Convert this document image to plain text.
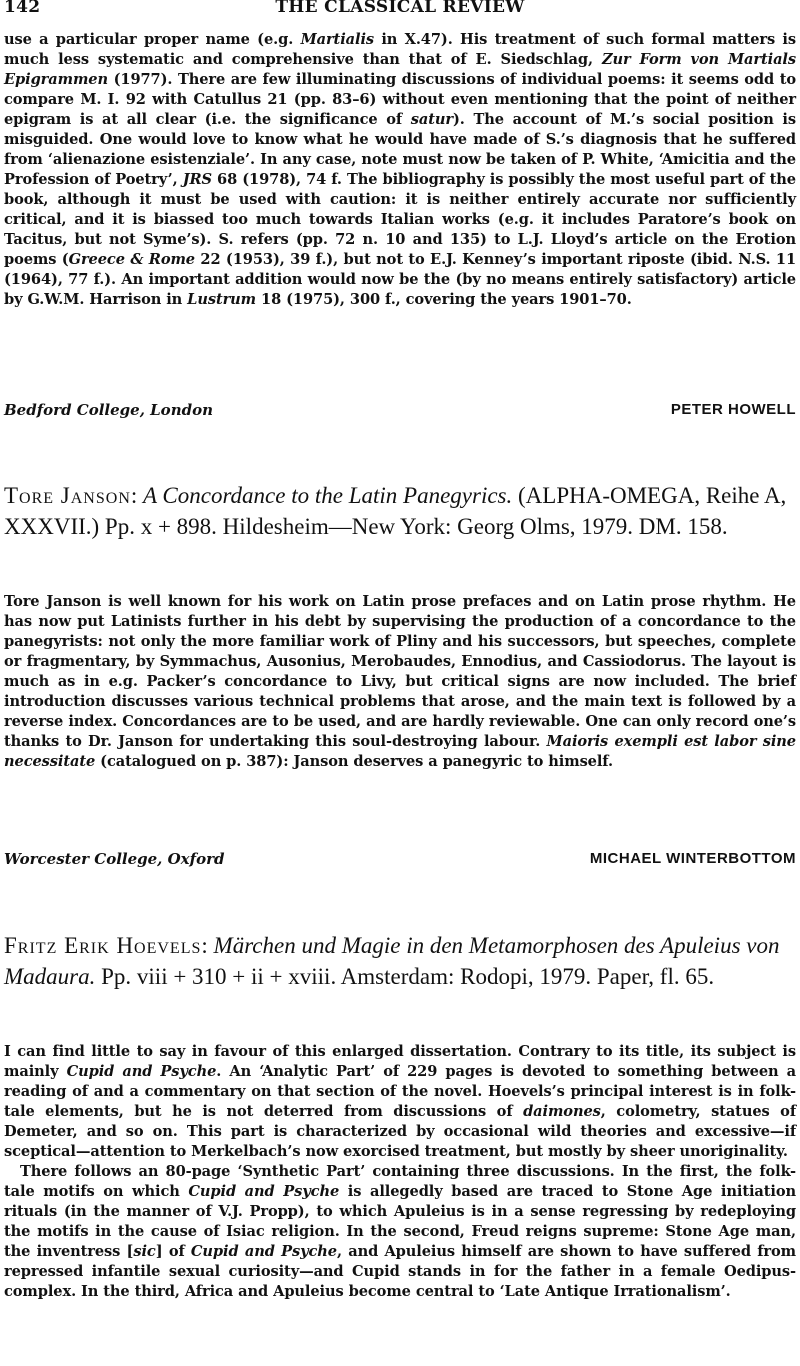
142	THE CLASSICAL REVIEW

use a particular proper name (e.g. Martialis in X.47). His treatment of such formal matters is much less systematic and comprehensive than that of E. Siedschlag, Zur Form von Martials Epigrammen (1977). There are few illuminating discussions of individual poems: it seems odd to compare M. I. 92 with Catullus 21 (pp. 83–6) without even mentioning that the point of neither epigram is at all clear (i.e. the significance of satur). The account of M.’s social position is misguided. One would love to know what he would have made of S.’s diagnosis that he suffered from ‘alienazione esistenziale’. In any case, note must now be taken of P. White, ‘Amicitia and the Profession of Poetry’, JRS 68 (1978), 74 f. The bibliography is possibly the most useful part of the book, although it must be used with caution: it is neither entirely accurate nor sufficiently critical, and it is biassed too much towards Italian works (e.g. it includes Paratore’s book on Tacitus, but not Syme’s). S. refers (pp. 72 n. 10 and 135) to L.J. Lloyd’s article on the Erotion poems (Greece & Rome 22 (1953), 39 f.), but not to E.J. Kenney’s important riposte (ibid. N.S. 11 (1964), 77 f.). An important addition would now be the (by no means entirely satisfactory) article by G.W.M. Harrison in Lustrum 18 (1975), 300 f., covering the years 1901–70.

Bedford College, London	PETER HOWELL
Tore Janson: A Concordance to the Latin Panegyrics. (ALPHA-OMEGA, Reihe A, XXXVII.) Pp. x + 898. Hildesheim—New York: Georg Olms, 1979. DM. 158.

Tore Janson is well known for his work on Latin prose prefaces and on Latin prose rhythm. He has now put Latinists further in his debt by supervising the production of a concordance to the panegyrists: not only the more familiar work of Pliny and his successors, but speeches, complete or fragmentary, by Symmachus, Ausonius, Merobaudes, Ennodius, and Cassiodorus. The layout is much as in e.g. Packer’s concordance to Livy, but critical signs are now included. The brief introduction discusses various technical problems that arose, and the main text is followed by a reverse index. Concordances are to be used, and are hardly reviewable. One can only record one’s thanks to Dr. Janson for undertaking this soul-destroying labour. Maioris exempli est labor sine necessitate (catalogued on p. 387): Janson deserves a panegyric to himself.

Worcester College, Oxford	MICHAEL WINTERBOTTOM
Fritz Erik Hoevels: Märchen und Magie in den Metamorphosen des Apuleius von Madaura. Pp. viii + 310 + ii + xviii. Amsterdam: Rodopi, 1979. Paper, fl. 65.

I can find little to say in favour of this enlarged dissertation. Contrary to its title, its subject is mainly Cupid and Psyche. An ‘Analytic Part’ of 229 pages is devoted to something between a reading of and a commentary on that section of the novel. Hoevels’s principal interest is in folk-tale elements, but he is not deterred from discussions of daimones, colometry, statues of Demeter, and so on. This part is characterized by occasional wild theories and excessive—if sceptical—attention to Merkelbach’s now exorcised treatment, but mostly by sheer unoriginality.

There follows an 80-page ‘Synthetic Part’ containing three discussions. In the first, the folk-tale motifs on which Cupid and Psyche is allegedly based are traced to Stone Age initiation rituals (in the manner of V.J. Propp), to which Apuleius is in a sense regressing by redeploying the motifs in the cause of Isiac religion. In the second, Freud reigns supreme: Stone Age man, the inventress [sic] of Cupid and Psyche, and Apuleius himself are shown to have suffered from repressed infantile sexual curiosity—and Cupid stands in for the father in a female Oedipus-complex. In the third, Africa and Apuleius become central to ‘Late Antique Irrationalism’.
